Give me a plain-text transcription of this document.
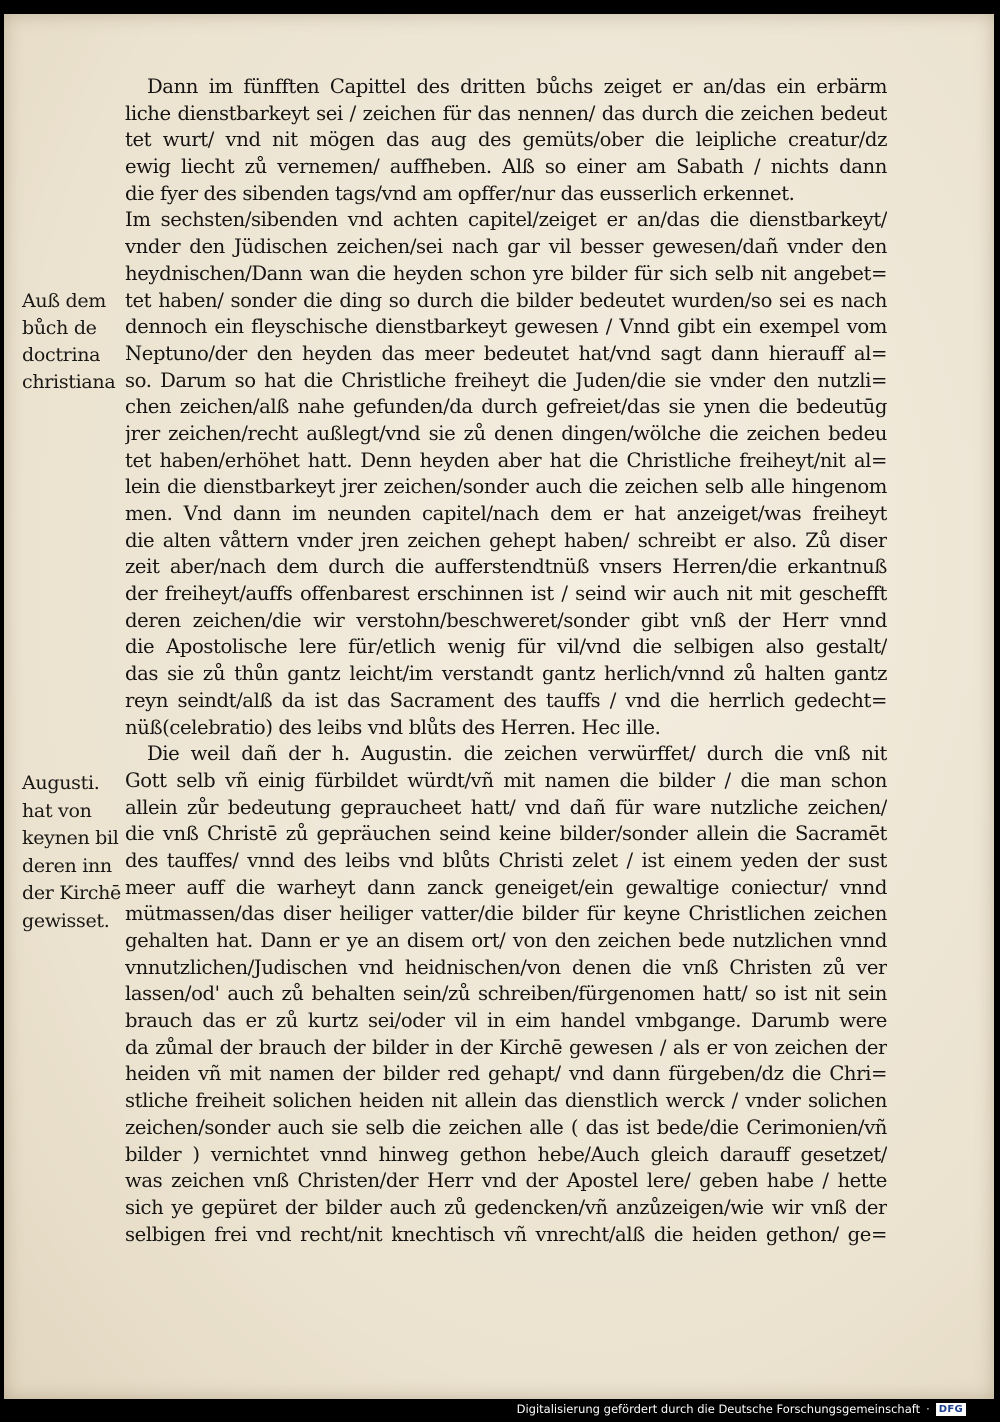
Dann im fünfften Capittel des dritten bůchs zeiget er an/das ein erbärm
liche dienstbarkeyt sei / zeichen für das nennen/ das durch die zeichen bedeut
tet wurt/ vnd nit mögen das aug des gemüts/ober die leipliche creatur/dz
ewig liecht zů vernemen/ auffheben. Alß so einer am Sabath / nichts dann
die fyer des sibenden tags/vnd am opffer/nur das eusserlich erkennet.
Im sechsten/sibenden vnd achten capitel/zeiget er an/das die dienstbarkeyt/
vnder den Jüdischen zeichen/sei nach gar vil besser gewesen/dañ vnder den
heydnischen/Dann wan die heyden schon yre bilder für sich selb nit angebet=
tet haben/ sonder die ding so durch die bilder bedeutet wurden/so sei es nach
dennoch ein fleyschische dienstbarkeyt gewesen / Vnnd gibt ein exempel vom
Neptuno/der den heyden das meer bedeutet hat/vnd sagt dann hierauff al=
so. Darum so hat die Christliche freiheyt die Juden/die sie vnder den nutzli=
chen zeichen/alß nahe gefunden/da durch gefreiet/das sie ynen die bedeutūg
jrer zeichen/recht außlegt/vnd sie zů denen dingen/wölche die zeichen bedeu
tet haben/erhöhet hatt. Denn heyden aber hat die Christliche freiheyt/nit al=
lein die dienstbarkeyt jrer zeichen/sonder auch die zeichen selb alle hingenom
men. Vnd dann im neunden capitel/nach dem er hat anzeiget/was freiheyt
die alten våttern vnder jren zeichen gehept haben/ schreibt er also. Zů diser
zeit aber/nach dem durch die aufferstendtnüß vnsers Herren/die erkantnuß
der freiheyt/auffs offenbarest erschinnen ist / seind wir auch nit mit geschefft
deren zeichen/die wir verstohn/beschweret/sonder gibt vnß der Herr vnnd
die Apostolische lere für/etlich wenig für vil/vnd die selbigen also gestalt/
das sie zů thůn gantz leicht/im verstandt gantz herlich/vnnd zů halten gantz
reyn seindt/alß da ist das Sacrament des tauffs / vnd die herrlich gedecht=
nüß(celebratio) des leibs vnd blůts des Herren. Hec ille.
Die weil dañ der h. Augustin. die zeichen verwürffet/ durch die vnß nit
Gott selb vñ einig fürbildet würdt/vñ mit namen die bilder / die man schon
allein zůr bedeutung gepraucheet hatt/ vnd dañ für ware nutzliche zeichen/
die vnß Christē zů gepräuchen seind keine bilder/sonder allein die Sacramēt
des tauffes/ vnnd des leibs vnd blůts Christi zelet / ist einem yeden der sust
meer auff die warheyt dann zanck geneiget/ein gewaltige coniectur/ vnnd
mütmassen/das diser heiliger vatter/die bilder für keyne Christlichen zeichen
gehalten hat. Dann er ye an disem ort/ von den zeichen bede nutzlichen vnnd
vnnutzlichen/Judischen vnd heidnischen/von denen die vnß Christen zů ver
lassen/od' auch zů behalten sein/zů schreiben/fürgenomen hatt/ so ist nit sein
brauch das er zů kurtz sei/oder vil in eim handel vmbgange. Darumb were
da zůmal der brauch der bilder in der Kirchē gewesen / als er von zeichen der
heiden vñ mit namen der bilder red gehapt/ vnd dann fürgeben/dz die Chri=
stliche freiheit solichen heiden nit allein das dienstlich werck / vnder solichen
zeichen/sonder auch sie selb die zeichen alle ( das ist bede/die Cerimonien/vñ
bilder ) vernichtet vnnd hinweg gethon hebe/Auch gleich darauff gesetzet/
was zeichen vnß Christen/der Herr vnd der Apostel lere/ geben habe / hette
sich ye gepüret der bilder auch zů gedencken/vñ anzůzeigen/wie wir vnß der
selbigen frei vnd recht/nit knechtisch vñ vnrecht/alß die heiden gethon/ ge=
Auß dem
bůch de
doctrina
christiana
Augusti.
hat von
keynen bil
deren inn
der Kirchē
gewisset.
Digitalisierung gefördert durch die Deutsche Forschungsgemeinschaft · DFG
